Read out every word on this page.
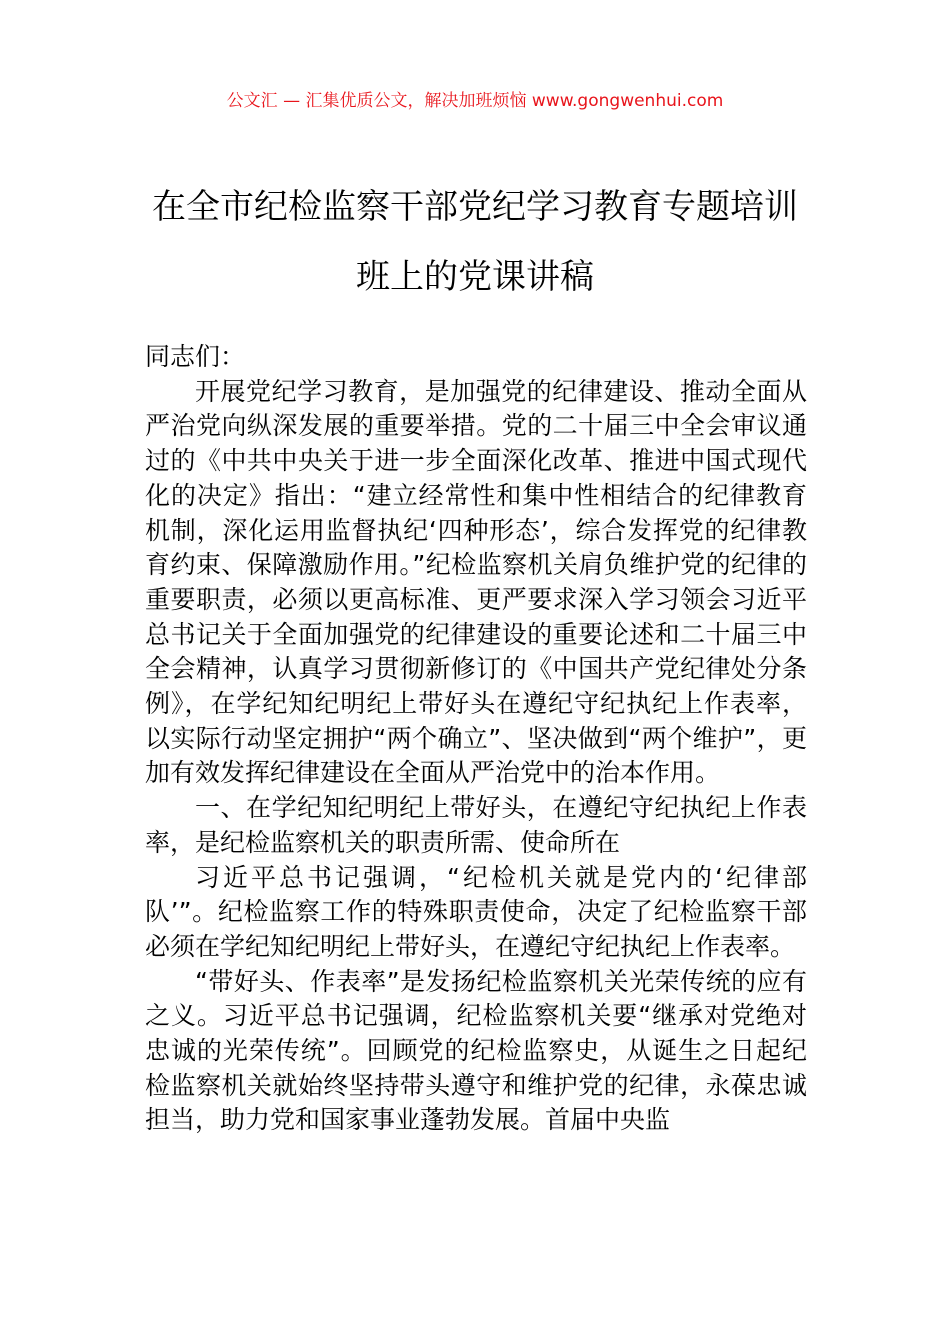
公文汇 — 汇集优质公文，解决加班烦恼 www.gongwenhui.com
在全市纪检监察干部党纪学习教育专题培训班上的党课讲稿

同志们：

开展党纪学习教育，是加强党的纪律建设、推动全面从严治党向纵深发展的重要举措。党的二十届三中全会审议通过的《中共中央关于进一步全面深化改革、推进中国式现代化的决定》指出：“建立经常性和集中性相结合的纪律教育机制，深化运用监督执纪‘四种形态’，综合发挥党的纪律教育约束、保障激励作用。”纪检监察机关肩负维护党的纪律的重要职责，必须以更高标准、更严要求深入学习领会习近平总书记关于全面加强党的纪律建设的重要论述和二十届三中全会精神，认真学习贯彻新修订的《中国共产党纪律处分条例》，在学纪知纪明纪上带好头在遵纪守纪执纪上作表率，以实际行动坚定拥护“两个确立”、坚决做到“两个维护”，更加有效发挥纪律建设在全面从严治党中的治本作用。

一、在学纪知纪明纪上带好头，在遵纪守纪执纪上作表率，是纪检监察机关的职责所需、使命所在

习近平总书记强调，“纪检机关就是党内的‘纪律部队’”。纪检监察工作的特殊职责使命，决定了纪检监察干部必须在学纪知纪明纪上带好头，在遵纪守纪执纪上作表率。

“带好头、作表率”是发扬纪检监察机关光荣传统的应有之义。习近平总书记强调，纪检监察机关要“继承对党绝对忠诚的光荣传统”。回顾党的纪检监察史，从诞生之日起纪检监察机关就始终坚持带头遵守和维护党的纪律，永葆忠诚担当，助力党和国家事业蓬勃发展。首届中央监
